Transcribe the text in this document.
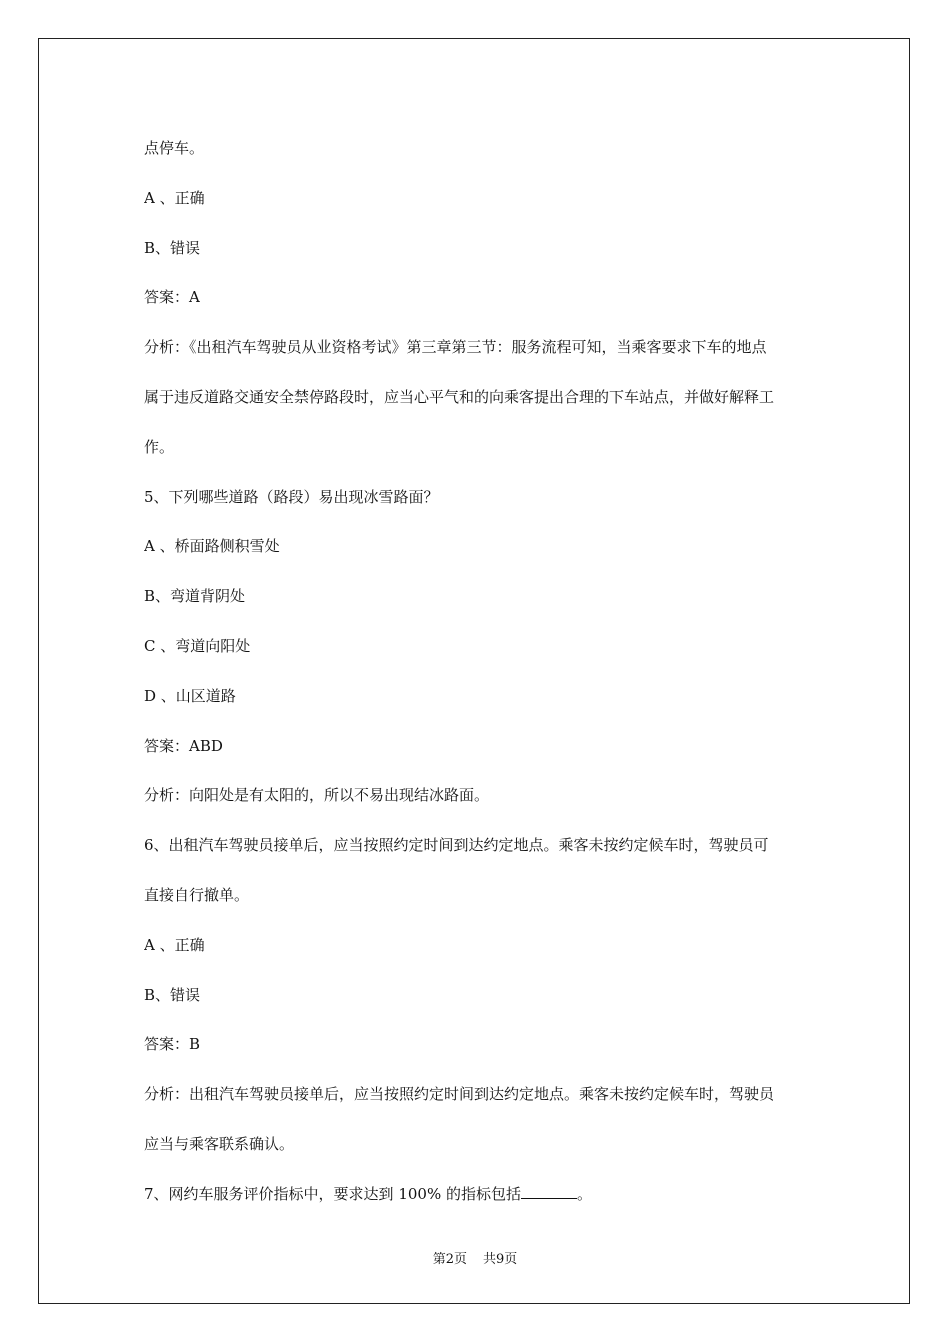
点停车。
A 、正确
B、错误
答案：A
分析：《出租汽车驾驶员从业资格考试》第三章第三节：服务流程可知，当乘客要求下车的地点
属于违反道路交通安全禁停路段时，应当心平气和的向乘客提出合理的下车站点，并做好解释工
作。
5、下列哪些道路（路段）易出现冰雪路面？
A 、桥面路侧积雪处
B、弯道背阴处
C 、弯道向阳处
D 、山区道路
答案：ABD
分析：向阳处是有太阳的，所以不易出现结冰路面。
6、出租汽车驾驶员接单后，应当按照约定时间到达约定地点。乘客未按约定候车时，驾驶员可
直接自行撤单。
A 、正确
B、错误
答案：B
分析：出租汽车驾驶员接单后，应当按照约定时间到达约定地点。乘客未按约定候车时，驾驶员
应当与乘客联系确认。
7、网约车服务评价指标中，要求达到 100% 的指标包括	。
第2页 共9页
